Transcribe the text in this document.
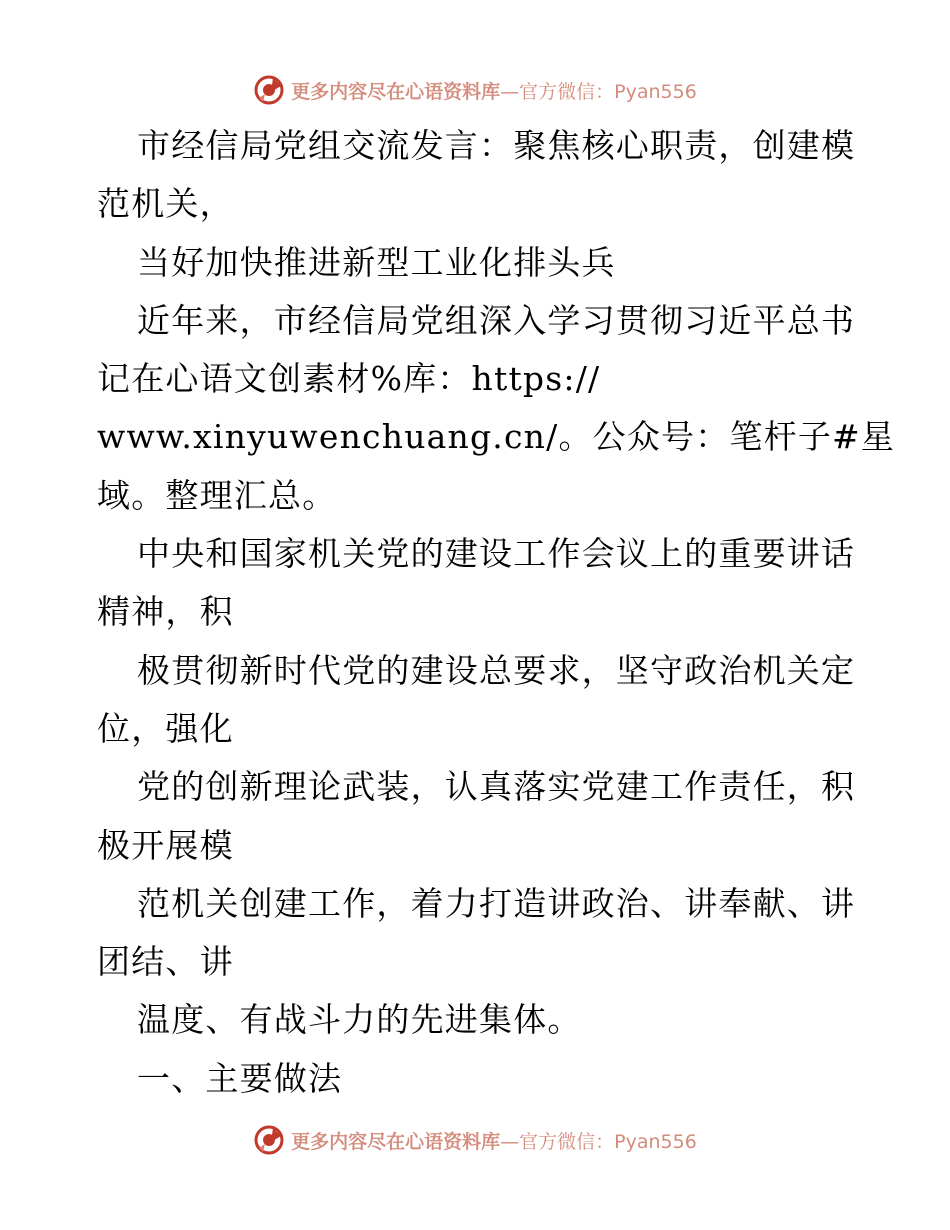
更多内容尽在心语资料库 —官方微信：Pyan556
市经信局党组交流发言：聚焦核心职责，创建模
范机关，
当好加快推进新型工业化排头兵
近年来，市经信局党组深入学习贯彻习近平总书
记在心语文创素材%库：https://
www.xinyuwenchuang.cn/。公众号：笔杆子#星
域。整理汇总。
中央和国家机关党的建设工作会议上的重要讲话
精神，积
极贯彻新时代党的建设总要求，坚守政治机关定
位，强化
党的创新理论武装，认真落实党建工作责任，积
极开展模
范机关创建工作，着力打造讲政治、讲奉献、讲
团结、讲
温度、有战斗力的先进集体。
一、主要做法
更多内容尽在心语资料库 —官方微信：Pyan556
